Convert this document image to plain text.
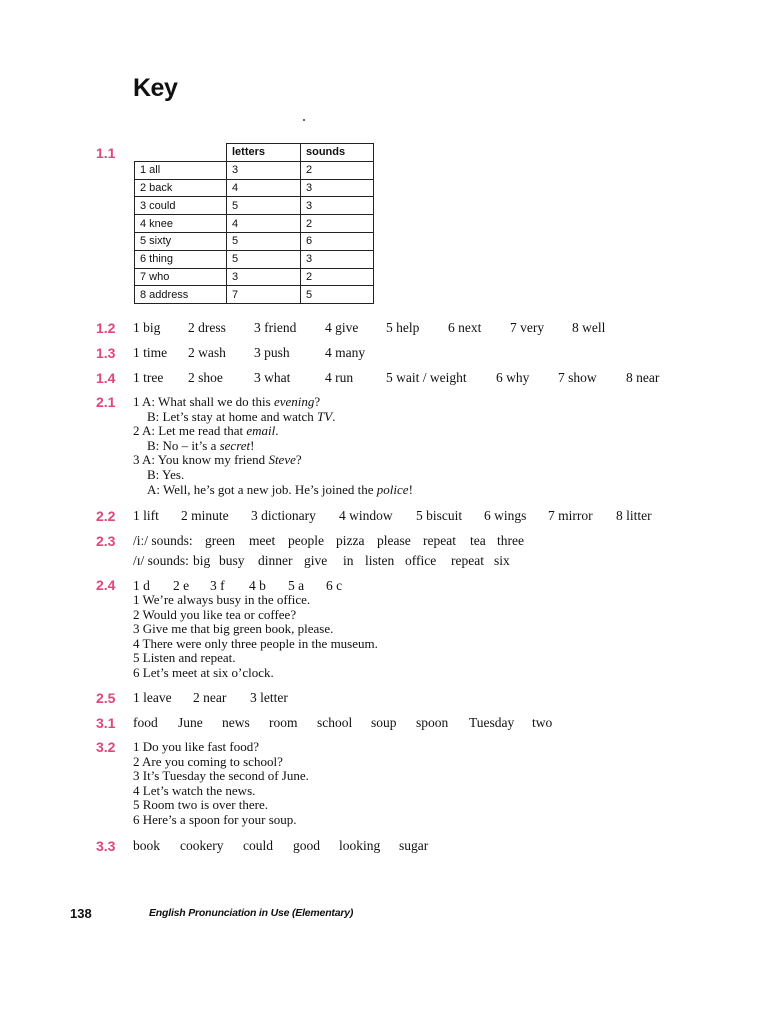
Key
1.1
		letters	sounds
1 all	3	2
2 back	4	3
3 could	5	3
4 knee	4	2
5 sixty	5	6
6 thing	5	3
7 who	3	2
8 address	7	5
1.2 1 big 2 dress 3 friend 4 give 5 help 6 next 7 very 8 well
1.3 1 time 2 wash 3 push	4 many
1.4 1 tree 2 shoe 3 what	4 run 5 wait / weight 6 why 7 show 8 near
2.1 1 A: What shall we do this evening?
B: Let’s stay at home and watch TV.
2 A: Let me read that email.
B: No – it’s a secret!
3 A: You know my friend Steve?
B: Yes.
A: Well, he’s got a new job. He’s joined the police!
2.2 1 lift 2 minute 3 dictionary 4 window 5 biscuit 6 wings 7 mirror 8 litter
2.3 /iː/ sounds: green meet people pizza please repeat tea three
/ɪ/ sounds: big busy dinner give in listen office repeat six
2.4 1 d 2 e 3 f 4 b 5 a 6 c
1 We’re always busy in the office.
2 Would you like tea or coffee?
3 Give me that big green book, please.
4 There were only three people in the museum.
5 Listen and repeat.
6 Let’s meet at six o’clock.
2.5 1 leave 2 near 3 letter
3.1 food June news room school soup spoon Tuesday two
3.2 1 Do you like fast food?
2 Are you coming to school?
3 It’s Tuesday the second of June.
4 Let’s watch the news.
5 Room two is over there.
6 Here’s a spoon for your soup.
3.3 book cookery could good looking sugar
138	English Pronunciation in Use (Elementary)
